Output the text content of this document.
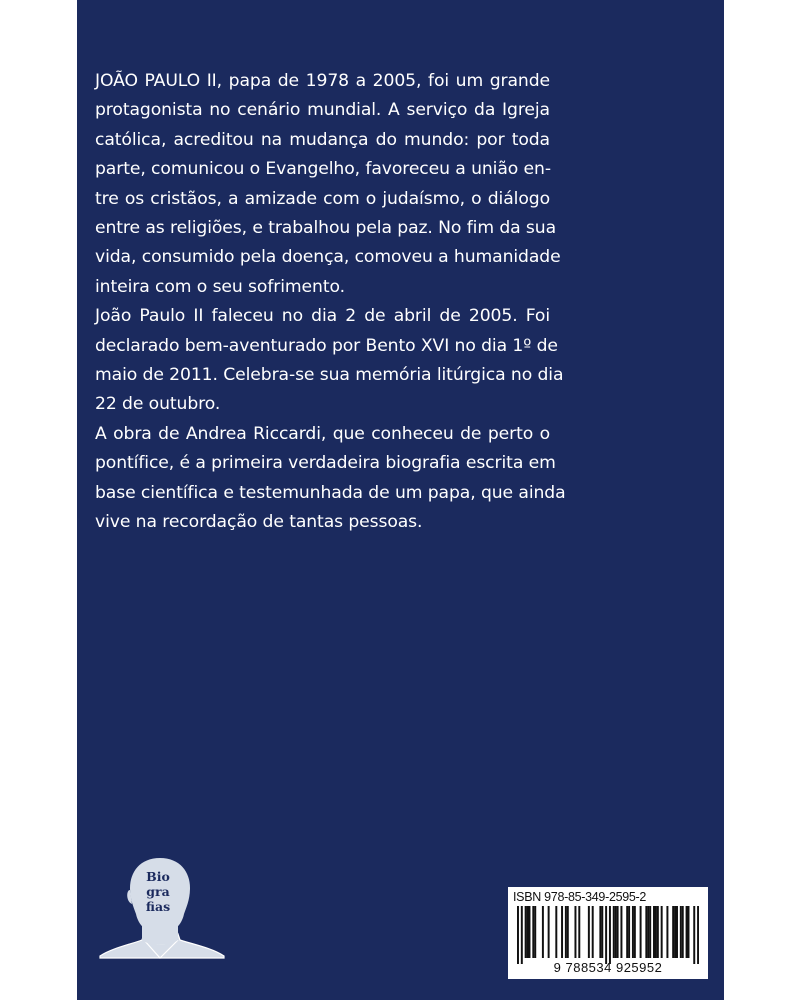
JOÃO PAULO II, papa de 1978 a 2005, foi um grande
protagonista no cenário mundial. A serviço da Igreja
católica, acreditou na mudança do mundo: por toda
parte, comunicou o Evangelho, favoreceu a união en-
tre os cristãos, a amizade com o judaísmo, o diálogo
entre as religiões, e trabalhou pela paz. No fim da sua
vida, consumido pela doença, comoveu a humanidade
inteira com o seu sofrimento.

João Paulo II faleceu no dia 2 de abril de 2005. Foi
declarado bem-aventurado por Bento XVI no dia 1º de
maio de 2011. Celebra-se sua memória litúrgica no dia
22 de outubro.

A obra de Andrea Riccardi, que conheceu de perto o
pontífice, é a primeira verdadeira biografia escrita em
base científica e testemunhada de um papa, que ainda
vive na recordação de tantas pessoas.

Bio
gra
fias
ISBN 978-85-349-2595-2
9 788534 925952
